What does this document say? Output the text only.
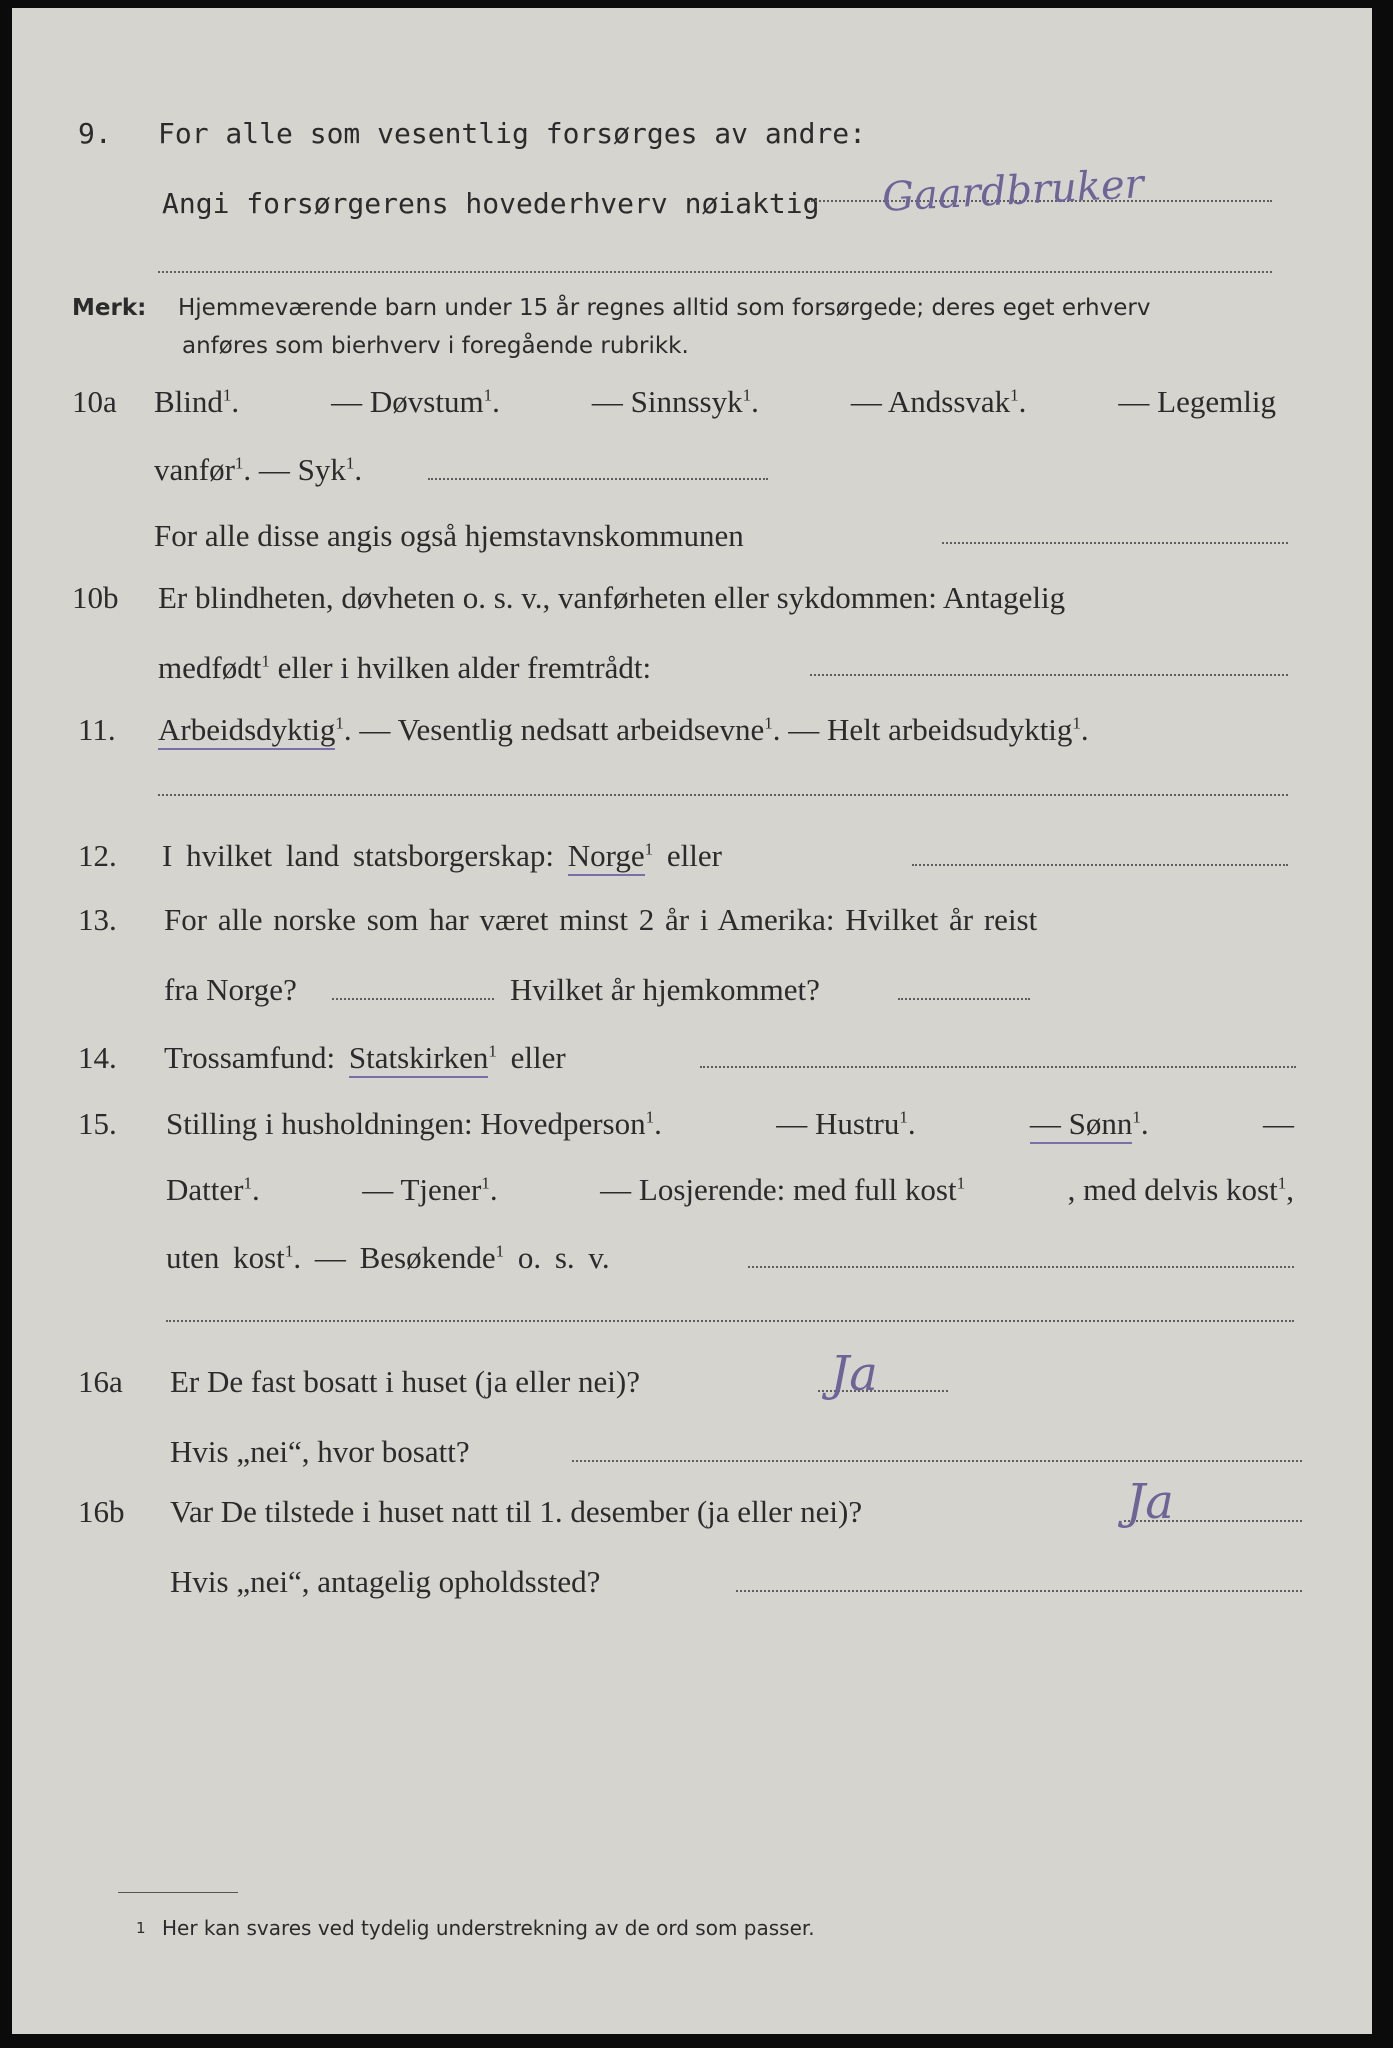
9. For alle som vesentlig forsørges av andre:
Angi forsørgerens hovederhverv nøiaktig Gaardbruker
Merk: Hjemmeværende barn under 15 år regnes alltid som forsørgede; deres eget erhverv
anføres som bierhverv i foregående rubrikk.
10a Blind$^1$.	— Døvstum$^1$.	— Sinnssyk$^1$.	— Andssvak$^1$.	— Legemlig
vanfør$^1$. — Syk$^1$.
For alle disse angis også hjemstavnskommunen
10b Er blindheten, døvheten o. s. v., vanførheten eller sykdommen: Antagelig
medfødt$^1$ eller i hvilken alder fremtrådt:
11. Arbeidsdyktig$^1$. — Vesentlig nedsatt arbeidsevne$^1$. — Helt arbeidsudyktig$^1$.
12. I hvilket land statsborgerskap: Norge$^1$ eller
13. For alle norske som har været minst 2 år i Amerika: Hvilket år reist
fra Norge?	Hvilket år hjemkommet?
14. Trossamfund: Statskirken$^1$ eller
15. Stilling i husholdningen: Hovedperson$^1$.	— Hustru$^1$.	— Sønn$^1$.	—
Datter$^1$.	— Tjener$^1$.	— Losjerende: med full kost$^1$	, med delvis kost$^1$,
uten kost$^1$. — Besøkende$^1$ o. s. v.
16a Er De fast bosatt i huset (ja eller nei)?	Ja
Hvis „nei“, hvor bosatt?
16b Var De tilstede i huset natt til 1. desember (ja eller nei)?	Ja
Hvis „nei“, antagelig opholdssted?
1 Her kan svares ved tydelig understrekning av de ord som passer.
